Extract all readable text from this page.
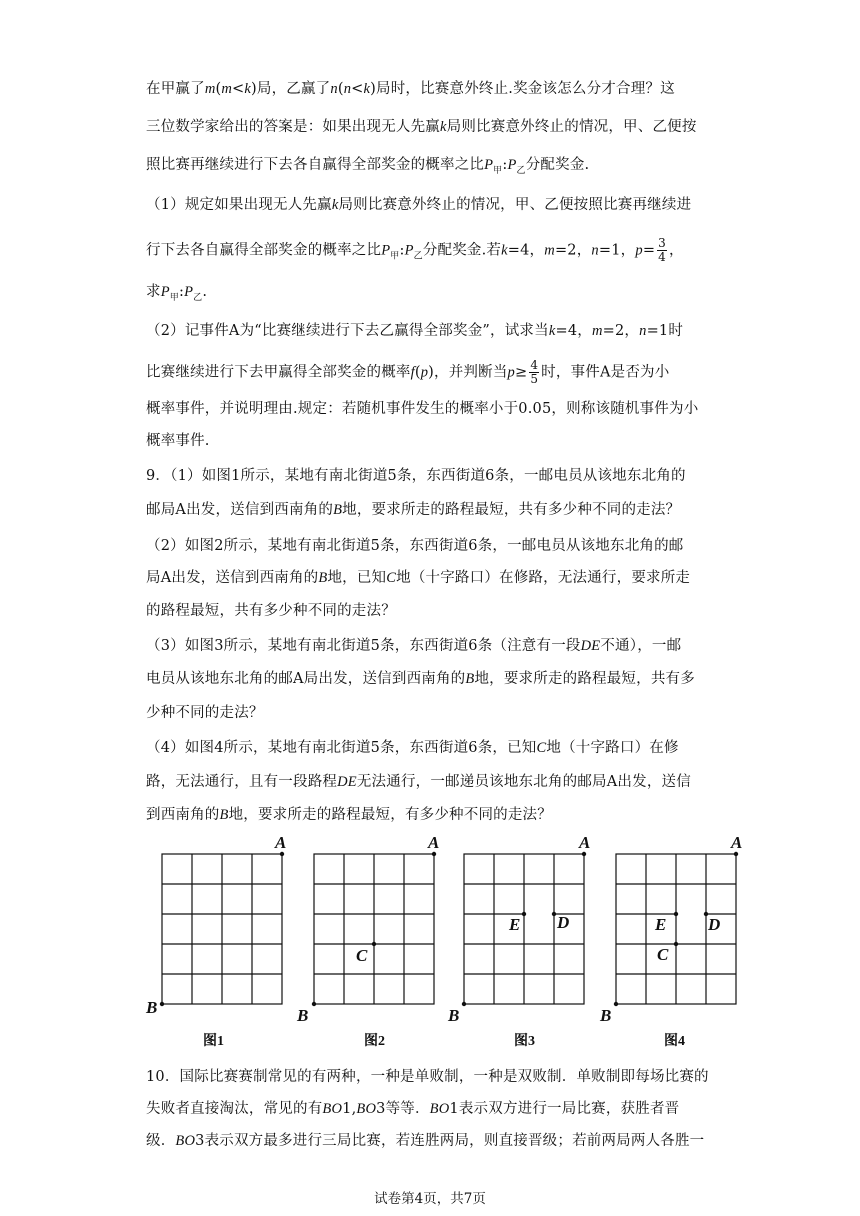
在甲赢了m(m<k)局，乙赢了n(n<k)局时，比赛意外终止.奖金该怎么分才合理？这
三位数学家给出的答案是：如果出现无人先赢k局则比赛意外终止的情况，甲、乙便按
照比赛再继续进行下去各自赢得全部奖金的概率之比$P_甲:P_乙$分配奖金.
（1）规定如果出现无人先赢k局则比赛意外终止的情况，甲、乙便按照比赛再继续进
行下去各自赢得全部奖金的概率之比$P_甲:P_乙$分配奖金.若k=4，m=2，n=1，$p= \frac{3}{4}$ ，
求$P_甲:P_乙$.
（2）记事件A为“比赛继续进行下去乙赢得全部奖金”，试求当k=4，m=2，n=1时
比赛继续进行下去甲赢得全部奖金的概率f(p)，并判断当$p\ge \frac{4}{5}$ 时，事件A是否为小
概率事件，并说明理由.规定：若随机事件发生的概率小于0.05，则称该随机事件为小
概率事件.
9．（1）如图1所示，某地有南北街道5条，东西街道6条，一邮电员从该地东北角的
邮局A出发，送信到西南角的B地，要求所走的路程最短，共有多少种不同的走法？
（2）如图2所示，某地有南北街道5条，东西街道6条，一邮电员从该地东北角的邮
局A出发，送信到西南角的B地，已知C地（十字路口）在修路，无法通行，要求所走
的路程最短，共有多少种不同的走法？
（3）如图3所示，某地有南北街道5条，东西街道6条（注意有一段DE不通），一邮
电员从该地东北角的邮A局出发，送信到西南角的B地，要求所走的路程最短，共有多
少种不同的走法？
（4）如图4所示，某地有南北街道5条，东西街道6条，已知C地（十字路口）在修
路，无法通行，且有一段路程DE无法通行，一邮递员该地东北角的邮局A出发，送信
到西南角的B地，要求所走的路程最短，有多少种不同的走法？
A
B
图1
A
B
C
图2
A
B
E D
图3
A
B
E D
C
图4
10．国际比赛赛制常见的有两种，一种是单败制，一种是双败制．单败制即每场比赛的
失败者直接淘汰，常见的有BO1,BO3等等．BO1表示双方进行一局比赛，获胜者晋
级．BO3表示双方最多进行三局比赛，若连胜两局，则直接晋级；若前两局两人各胜一
试卷第4页，共7页
